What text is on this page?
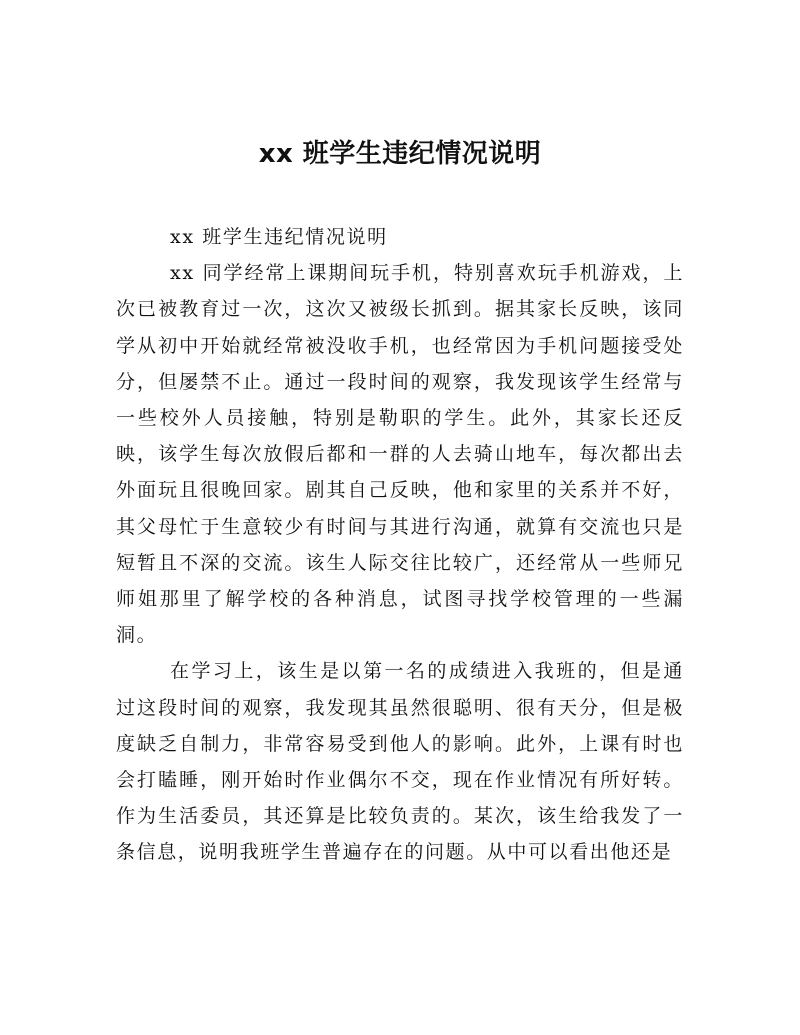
xx 班学生违纪情况说明

xx 班学生违纪情况说明

xx 同学经常上课期间玩手机，特别喜欢玩手机游戏，上次已被教育过一次，这次又被级长抓到。据其家长反映，该同学从初中开始就经常被没收手机，也经常因为手机问题接受处分，但屡禁不止。通过一段时间的观察，我发现该学生经常与一些校外人员接触，特别是勒职的学生。此外，其家长还反映，该学生每次放假后都和一群的人去骑山地车，每次都出去外面玩且很晚回家。剧其自己反映，他和家里的关系并不好，其父母忙于生意较少有时间与其进行沟通，就算有交流也只是短暂且不深的交流。该生人际交往比较广，还经常从一些师兄师姐那里了解学校的各种消息，试图寻找学校管理的一些漏洞。

在学习上，该生是以第一名的成绩进入我班的，但是通过这段时间的观察，我发现其虽然很聪明、很有天分，但是极度缺乏自制力，非常容易受到他人的影响。此外，上课有时也会打瞌睡，刚开始时作业偶尔不交，现在作业情况有所好转。作为生活委员，其还算是比较负责的。某次，该生给我发了一条信息，说明我班学生普遍存在的问题。从中可以看出他还是
